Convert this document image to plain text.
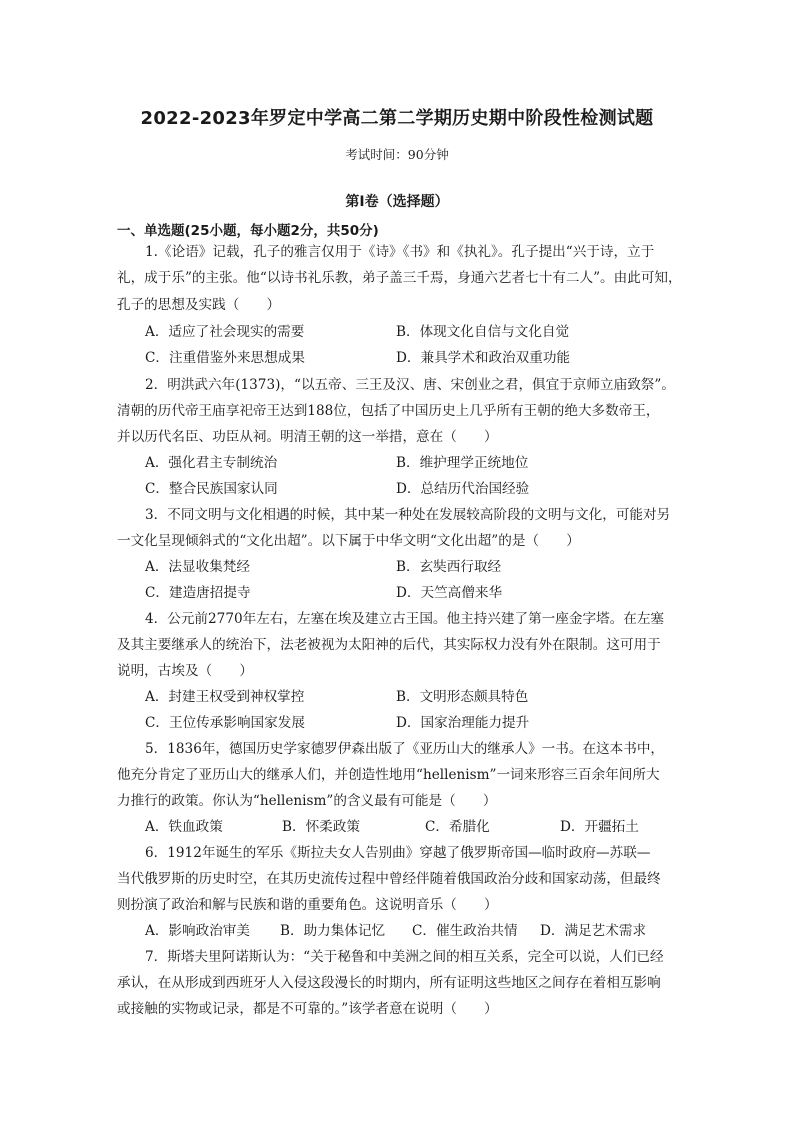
2022-2023年罗定中学高二第二学期历史期中阶段性检测试题
考试时间：90分钟
第Ⅰ卷（选择题）
一、单选题(25小题，每小题2分，共50分)
1.《论语》记载，孔子的雅言仅用于《诗》《书》和《执礼》。孔子提出“兴于诗，立于
礼，成于乐”的主张。他“以诗书礼乐教，弟子盖三千焉，身通六艺者七十有二人”。由此可知，
孔子的思想及实践（　　）
A．适应了社会现实的需要	B．体现文化自信与文化自觉
C．注重借鉴外来思想成果	D．兼具学术和政治双重功能
2．明洪武六年(1373)，“以五帝、三王及汉、唐、宋创业之君，俱宜于京师立庙致祭”。
清朝的历代帝王庙享祀帝王达到188位，包括了中国历史上几乎所有王朝的绝大多数帝王，
并以历代名臣、功臣从祠。明清王朝的这一举措，意在（　　）
A．强化君主专制统治	B．维护理学正统地位
C．整合民族国家认同	D．总结历代治国经验
3．不同文明与文化相遇的时候，其中某一种处在发展较高阶段的文明与文化，可能对另
一文化呈现倾斜式的“文化出超”。以下属于中华文明“文化出超”的是（　　）
A．法显收集梵经	B．玄奘西行取经
C．建造唐招提寺	D．天竺高僧来华
4．公元前2770年左右，左塞在埃及建立古王国。他主持兴建了第一座金字塔。在左塞
及其主要继承人的统治下，法老被视为太阳神的后代，其实际权力没有外在限制。这可用于
说明，古埃及（　　）
A．封建王权受到神权掌控	B．文明形态颇具特色
C．王位传承影响国家发展	D．国家治理能力提升
5．1836年，德国历史学家德罗伊森出版了《亚历山大的继承人》一书。在这本书中，
他充分肯定了亚历山大的继承人们，并创造性地用“hellenism”一词来形容三百余年间所大
力推行的政策。你认为“hellenism”的含义最有可能是（　　）
A．铁血政策	B．怀柔政策	C．希腊化	D．开疆拓土
6．1912年诞生的军乐《斯拉夫女人告别曲》穿越了俄罗斯帝国—临时政府—苏联—
当代俄罗斯的历史时空，在其历史流传过程中曾经伴随着俄国政治分歧和国家动荡，但最终
则扮演了政治和解与民族和谐的重要角色。这说明音乐（　　）
A．影响政治审美 B．助力集体记忆 C．催生政治共情 D．满足艺术需求
7．斯塔夫里阿诺斯认为：“关于秘鲁和中美洲之间的相互关系，完全可以说，人们已经
承认，在从形成到西班牙人入侵这段漫长的时期内，所有证明这些地区之间存在着相互影响
或接触的实物或记录，都是不可靠的。”该学者意在说明（　　）
